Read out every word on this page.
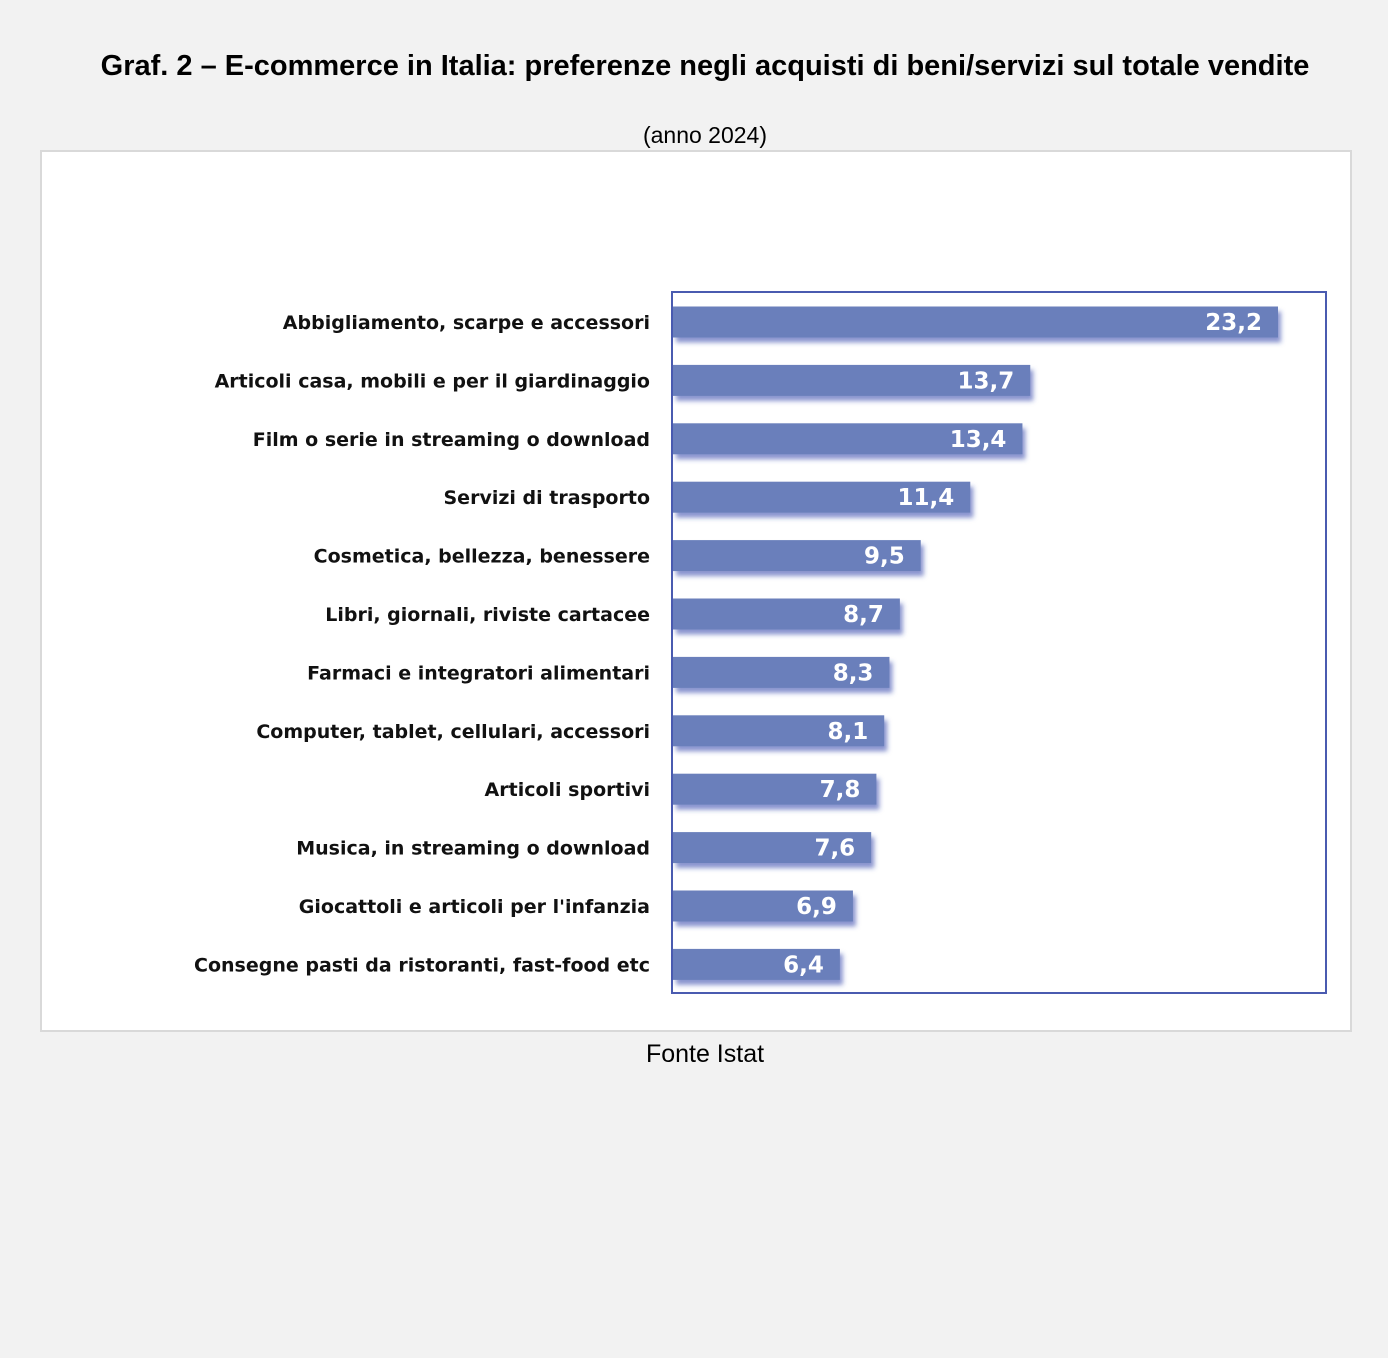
Graf. 2 – E-commerce in Italia: preferenze negli acquisti di beni/servizi sul totale vendite
(anno 2024)
Abbigliamento, scarpe e accessori	23,2
Articoli casa, mobili e per il giardinaggio	13,7
Film o serie in streaming o download	13,4
Servizi di trasporto	11,4
Cosmetica, bellezza, benessere	9,5
Libri, giornali, riviste cartacee	8,7
Farmaci e integratori alimentari	8,3
Computer, tablet, cellulari, accessori	8,1
Articoli sportivi	7,8
Musica, in streaming o download	7,6
Giocattoli e articoli per l'infanzia	6,9
Consegne pasti da ristoranti, fast-food etc	6,4
Fonte Istat
